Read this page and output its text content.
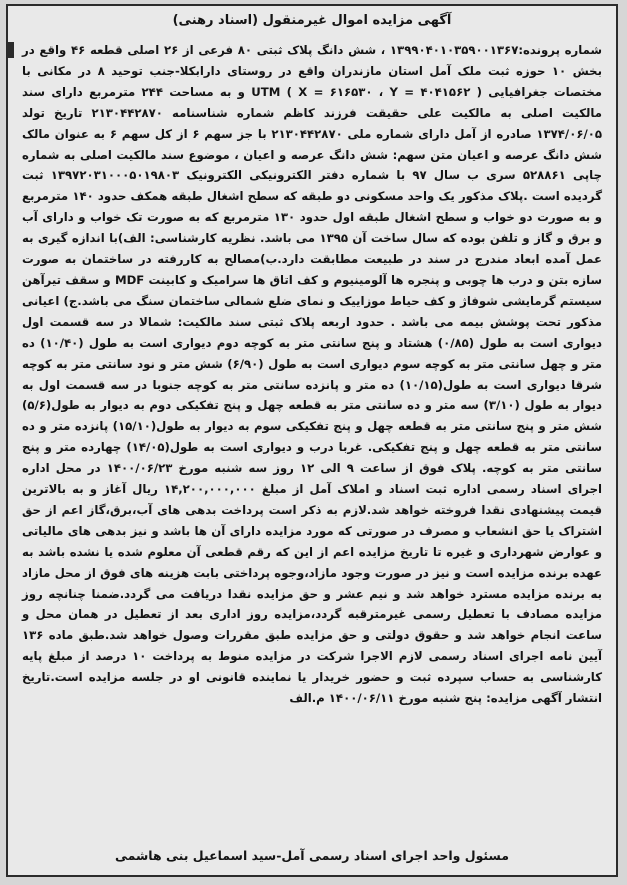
آگهی مزایده اموال غیرمنقول (اسناد رهنی)

شماره پرونده:۱۳۹۹۰۴۰۱۰۳۵۹۰۰۱۳۶۷ ، شش دانگ پلاک ثبتی ۸۰ فرعی از ۲۶ اصلی قطعه ۴۶ واقع در بخش ۱۰ حوزه ثبت ملک آمل استان مازندران واقع در روستای دارابکلا-جنب توحید ۸ در مکانی با مختصات جغرافیایی ( X = ۶۱۶۵۳۰ ، Y = ۴۰۴۱۵۶۲ ) UTM و به مساحت ۲۴۴ مترمربع دارای سند مالکیت اصلی به مالکیت علی حقیقت فرزند کاظم شماره شناسنامه ۲۱۳۰۴۴۲۸۷۰ تاریخ تولد ۱۳۷۴/۰۶/۰۵ صادره از آمل دارای شماره ملی ۲۱۳۰۴۴۲۸۷۰ با جز سهم ۶ از کل سهم ۶ به عنوان مالک شش دانگ عرصه و اعیان متن سهم: شش دانگ عرصه و اعیان ، موضوع سند مالکیت اصلی به شماره چاپی ۵۲۸۸۶۱ سری ب سال ۹۷ با شماره دفتر الکترونیکی الکترونیک ۱۳۹۷۲۰۳۱۰۰۰۵۰۱۹۸۰۳ ثبت گردیده است .پلاک مذکور یک واحد مسکونی دو طبقه که سطح اشغال طبقه همکف حدود ۱۴۰ مترمربع و به صورت دو خواب و سطح اشغال طبقه اول حدود ۱۳۰ مترمربع که به صورت تک خواب و دارای آب و برق و گاز و تلفن بوده که سال ساخت آن ۱۳۹۵ می باشد. نظریه کارشناسی: الف)با اندازه گیری به عمل آمده ابعاد مندرج در سند در طبیعت مطابقت دارد.ب)مصالح به کاررفته در ساختمان به صورت سازه بتن و درب ها چوبی و پنجره ها آلومینیوم و کف اتاق ها سرامیک و کابینت MDF و سقف تیرآهن سیستم گرمایشی شوفاژ و کف حیاط موزاییک و نمای ضلع شمالی ساختمان سنگ می باشد.ج) اعیانی مذکور تحت پوشش بیمه می باشد . حدود اربعه پلاک ثبتی سند مالکیت: شمالا در سه قسمت اول دیواری است به طول (۰/۸۵) هشتاد و پنج سانتی متر به کوچه دوم دیواری است به طول (۱۰/۴۰) ده متر و چهل سانتی متر به کوچه سوم دیواری است به طول (۶/۹۰) شش متر و نود سانتی متر به کوچه شرقا دیواری است به طول(۱۰/۱۵) ده متر و پانزده سانتی متر به کوچه جنوبا در سه قسمت اول به دیوار به طول (۳/۱۰) سه متر و ده سانتی متر به قطعه چهل و پنج تفکیکی دوم به دیوار به طول(۵/۶) شش متر و پنج سانتی متر به قطعه چهل و پنج تفکیکی سوم به دیوار به طول(۱۵/۱۰) پانزده متر و ده سانتی متر به قطعه چهل و پنج تفکیکی. غربا درب و دیواری است به طول(۱۴/۰۵) چهارده متر و پنج سانتی متر به کوچه. پلاک فوق از ساعت ۹ الی ۱۲ روز سه شنبه مورخ ۱۴۰۰/۰۶/۲۳ در محل اداره اجرای اسناد رسمی اداره ثبت اسناد و املاک آمل از مبلغ ۱۴,۲۰۰,۰۰۰,۰۰۰ ریال آغاز و به بالاترین قیمت پیشنهادی نقدا فروخته خواهد شد.لازم به ذکر است پرداخت بدهی های آب،برق،گاز اعم از حق اشتراک یا حق انشعاب و مصرف در صورتی که مورد مزایده دارای آن ها باشد و نیز بدهی های مالیاتی و عوارض شهرداری و غیره تا تاریخ مزایده اعم از این که رقم قطعی آن معلوم شده یا نشده باشد به عهده برنده مزایده است و نیز در صورت وجود مازاد،وجوه پرداختی بابت هزینه های فوق از محل مازاد به برنده مزایده مسترد خواهد شد و نیم عشر و حق مزایده نقدا دریافت می گردد.ضمنا چنانچه روز مزایده مصادف با تعطیل رسمی غیرمترقبه گردد،مزایده روز اداری بعد از تعطیل در همان محل و ساعت انجام خواهد شد و حقوق دولتی و حق مزایده طبق مقررات وصول خواهد شد.طبق ماده ۱۳۶ آیین نامه اجرای اسناد رسمی لازم الاجرا شرکت در مزایده منوط به پرداخت ۱۰ درصد از مبلغ پایه کارشناسی به حساب سپرده ثبت و حضور خریدار یا نماینده قانونی او در جلسه مزایده است.تاریخ انتشار آگهی مزایده: پنج شنبه مورخ ۱۴۰۰/۰۶/۱۱ م.الف

مسئول واحد اجرای اسناد رسمی آمل-سید اسماعیل بنی هاشمی
